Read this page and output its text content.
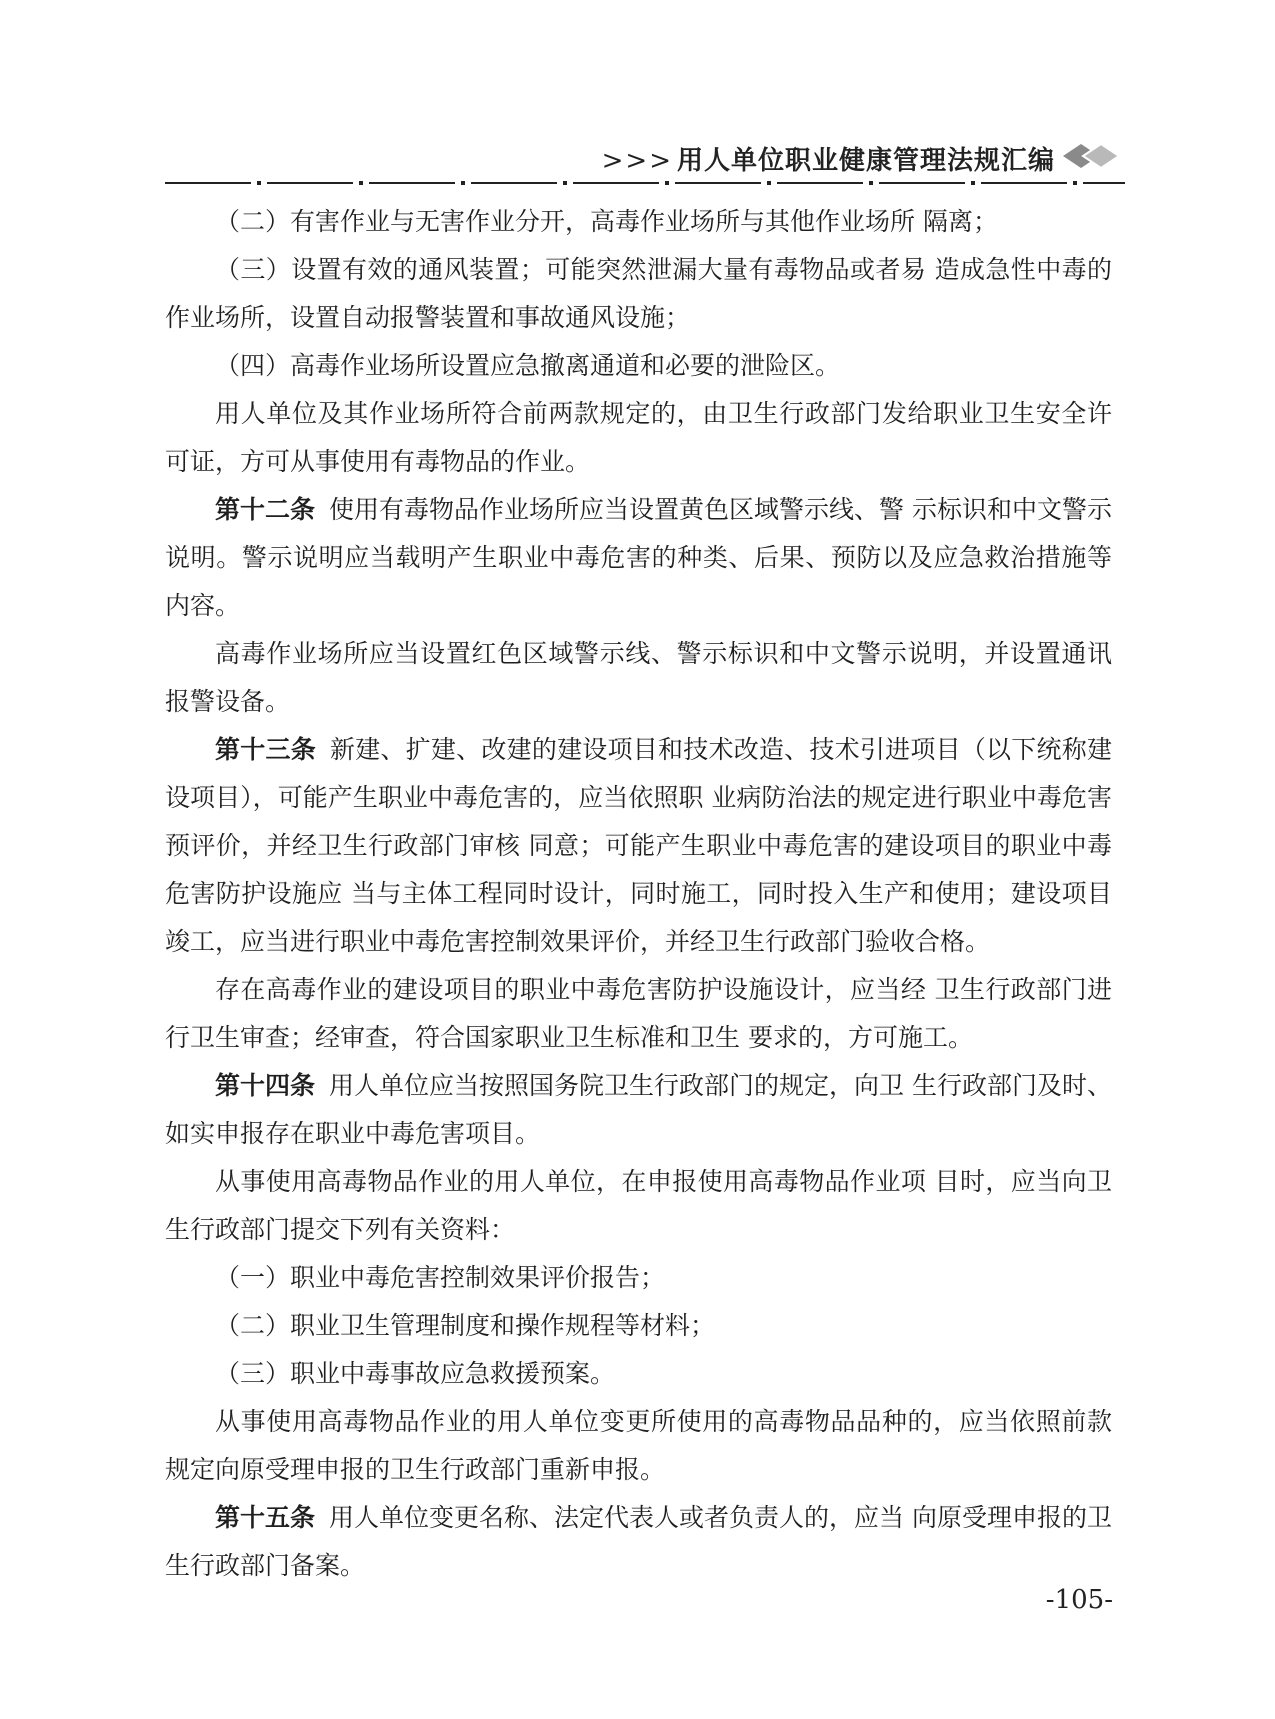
>>> 用人单位职业健康管理法规汇编

（二）有害作业与无害作业分开，高毒作业场所与其他作业场所 隔离；

（三）设置有效的通风装置；可能突然泄漏大量有毒物品或者易 造成急性中毒的作业场所，设置自动报警装置和事故通风设施；

（四）高毒作业场所设置应急撤离通道和必要的泄险区。

用人单位及其作业场所符合前两款规定的，由卫生行政部门发给职业卫生安全许可证，方可从事使用有毒物品的作业。

第十二条 使用有毒物品作业场所应当设置黄色区域警示线、警 示标识和中文警示说明。警示说明应当载明产生职业中毒危害的种类、后果、预防以及应急救治措施等内容。

高毒作业场所应当设置红色区域警示线、警示标识和中文警示说明，并设置通讯报警设备。

第十三条 新建、扩建、改建的建设项目和技术改造、技术引进项目（以下统称建设项目），可能产生职业中毒危害的，应当依照职 业病防治法的规定进行职业中毒危害预评价，并经卫生行政部门审核 同意；可能产生职业中毒危害的建设项目的职业中毒危害防护设施应 当与主体工程同时设计，同时施工，同时投入生产和使用；建设项目竣工，应当进行职业中毒危害控制效果评价，并经卫生行政部门验收合格。

存在高毒作业的建设项目的职业中毒危害防护设施设计，应当经 卫生行政部门进行卫生审查；经审查，符合国家职业卫生标准和卫生 要求的，方可施工。

第十四条 用人单位应当按照国务院卫生行政部门的规定，向卫 生行政部门及时、如实申报存在职业中毒危害项目。

从事使用高毒物品作业的用人单位，在申报使用高毒物品作业项 目时，应当向卫生行政部门提交下列有关资料：

（一）职业中毒危害控制效果评价报告；

（二）职业卫生管理制度和操作规程等材料；

（三）职业中毒事故应急救援预案。

从事使用高毒物品作业的用人单位变更所使用的高毒物品品种的，应当依照前款规定向原受理申报的卫生行政部门重新申报。

第十五条 用人单位变更名称、法定代表人或者负责人的，应当 向原受理申报的卫生行政部门备案。

-105-
